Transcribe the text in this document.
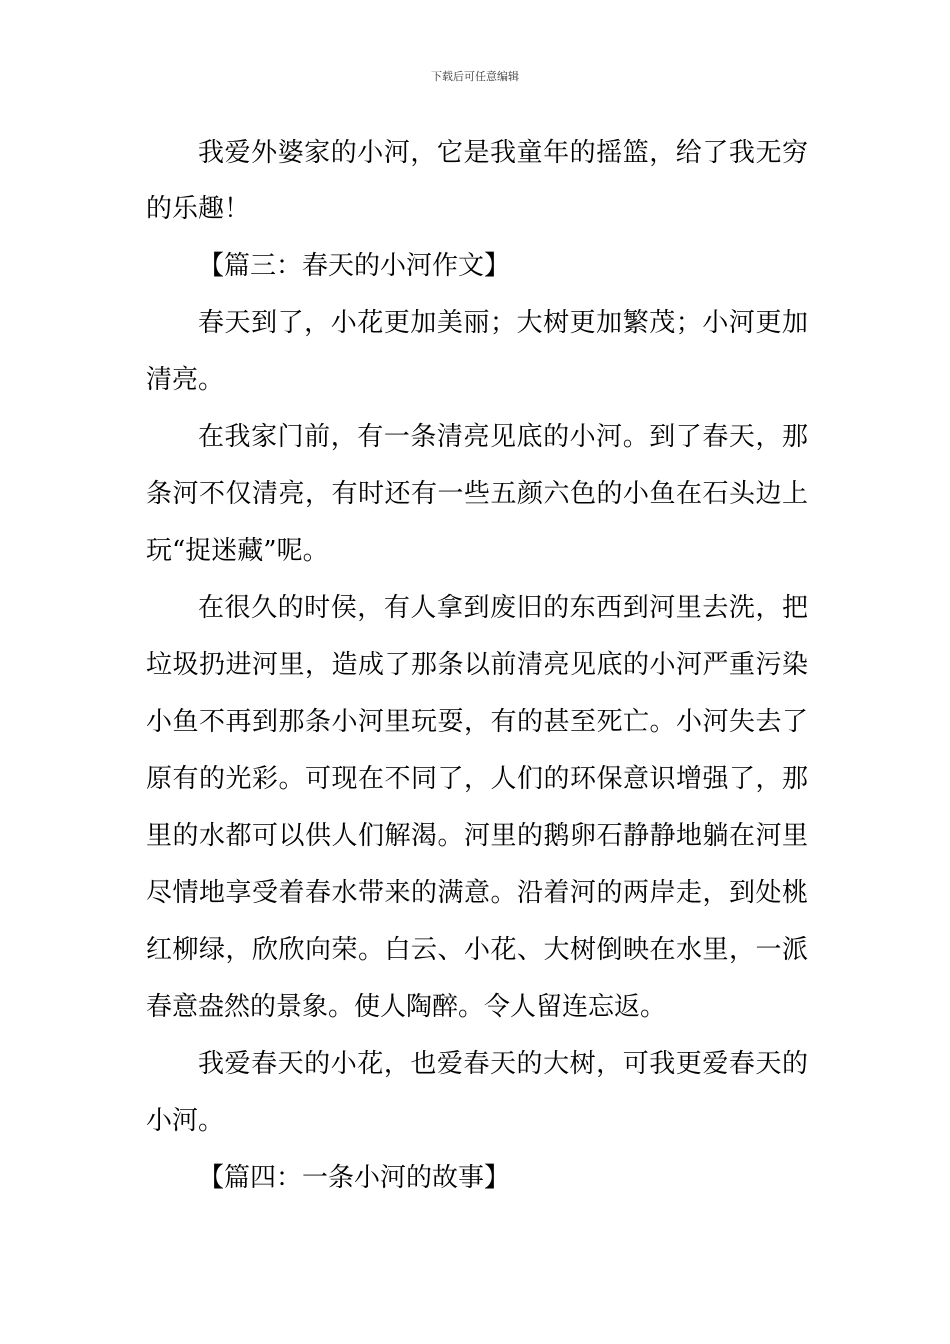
下载后可任意编辑
我爱外婆家的小河，它是我童年的摇篮，给了我无穷
的乐趣！
【篇三：春天的小河作文】
春天到了，小花更加美丽；大树更加繁茂；小河更加
清亮。
在我家门前，有一条清亮见底的小河。到了春天，那
条河不仅清亮，有时还有一些五颜六色的小鱼在石头边上
玩“捉迷藏”呢。
在很久的时侯，有人拿到废旧的东西到河里去洗，把
垃圾扔进河里，造成了那条以前清亮见底的小河严重污染
小鱼不再到那条小河里玩耍，有的甚至死亡。小河失去了
原有的光彩。可现在不同了，人们的环保意识增强了，那
里的水都可以供人们解渴。河里的鹅卵石静静地躺在河里
尽情地享受着春水带来的满意。沿着河的两岸走，到处桃
红柳绿，欣欣向荣。白云、小花、大树倒映在水里，一派
春意盎然的景象。使人陶醉。令人留连忘返。
我爱春天的小花，也爱春天的大树，可我更爱春天的
小河。
【篇四：一条小河的故事】
